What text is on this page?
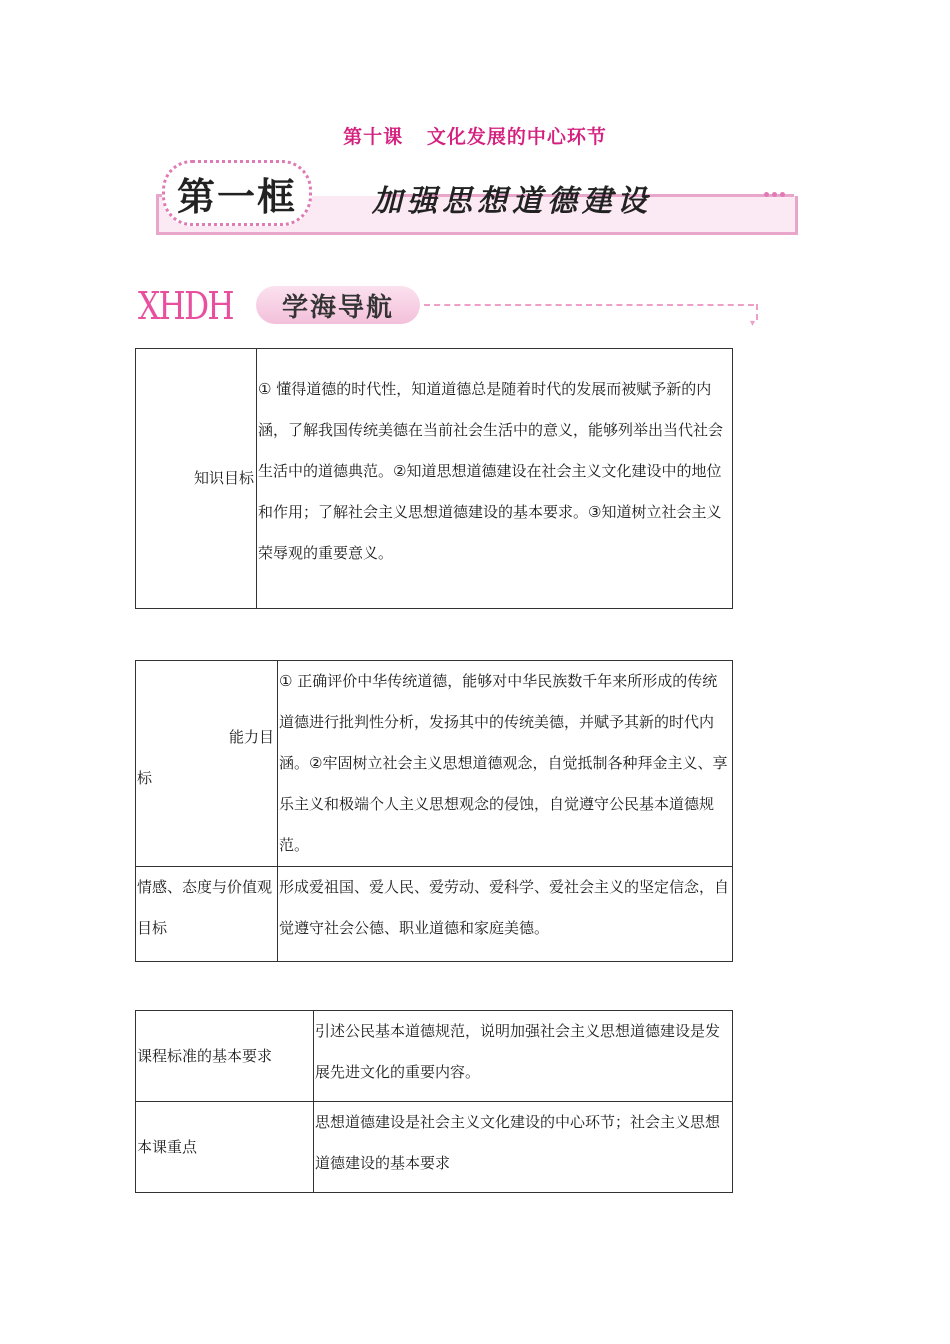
第十课 文化发展的中心环节
第一框	加强思想道德建设
XHDH 学海导航
▾
知识目标	① 懂得道德的时代性，知道道德总是随着时代的发展而被赋予新的内涵，了解我国传统美德在当前社会生活中的意义，能够列举出当代社会生活中的道德典范。②知道思想道德建设在社会主义文化建设中的地位和作用；了解社会主义思想道德建设的基本要求。③知道树立社会主义荣辱观的重要意义。
能力目标	① 正确评价中华传统道德，能够对中华民族数千年来所形成的传统道德进行批判性分析，发扬其中的传统美德，并赋予其新的时代内涵。②牢固树立社会主义思想道德观念，自觉抵制各种拜金主义、享乐主义和极端个人主义思想观念的侵蚀，自觉遵守公民基本道德规范。
情感、态度与价值观目标	形成爱祖国、爱人民、爱劳动、爱科学、爱社会主义的坚定信念，自觉遵守社会公德、职业道德和家庭美德。
课程标准的基本要求	引述公民基本道德规范，说明加强社会主义思想道德建设是发展先进文化的重要内容。
本课重点	思想道德建设是社会主义文化建设的中心环节；社会主义思想道德建设的基本要求
